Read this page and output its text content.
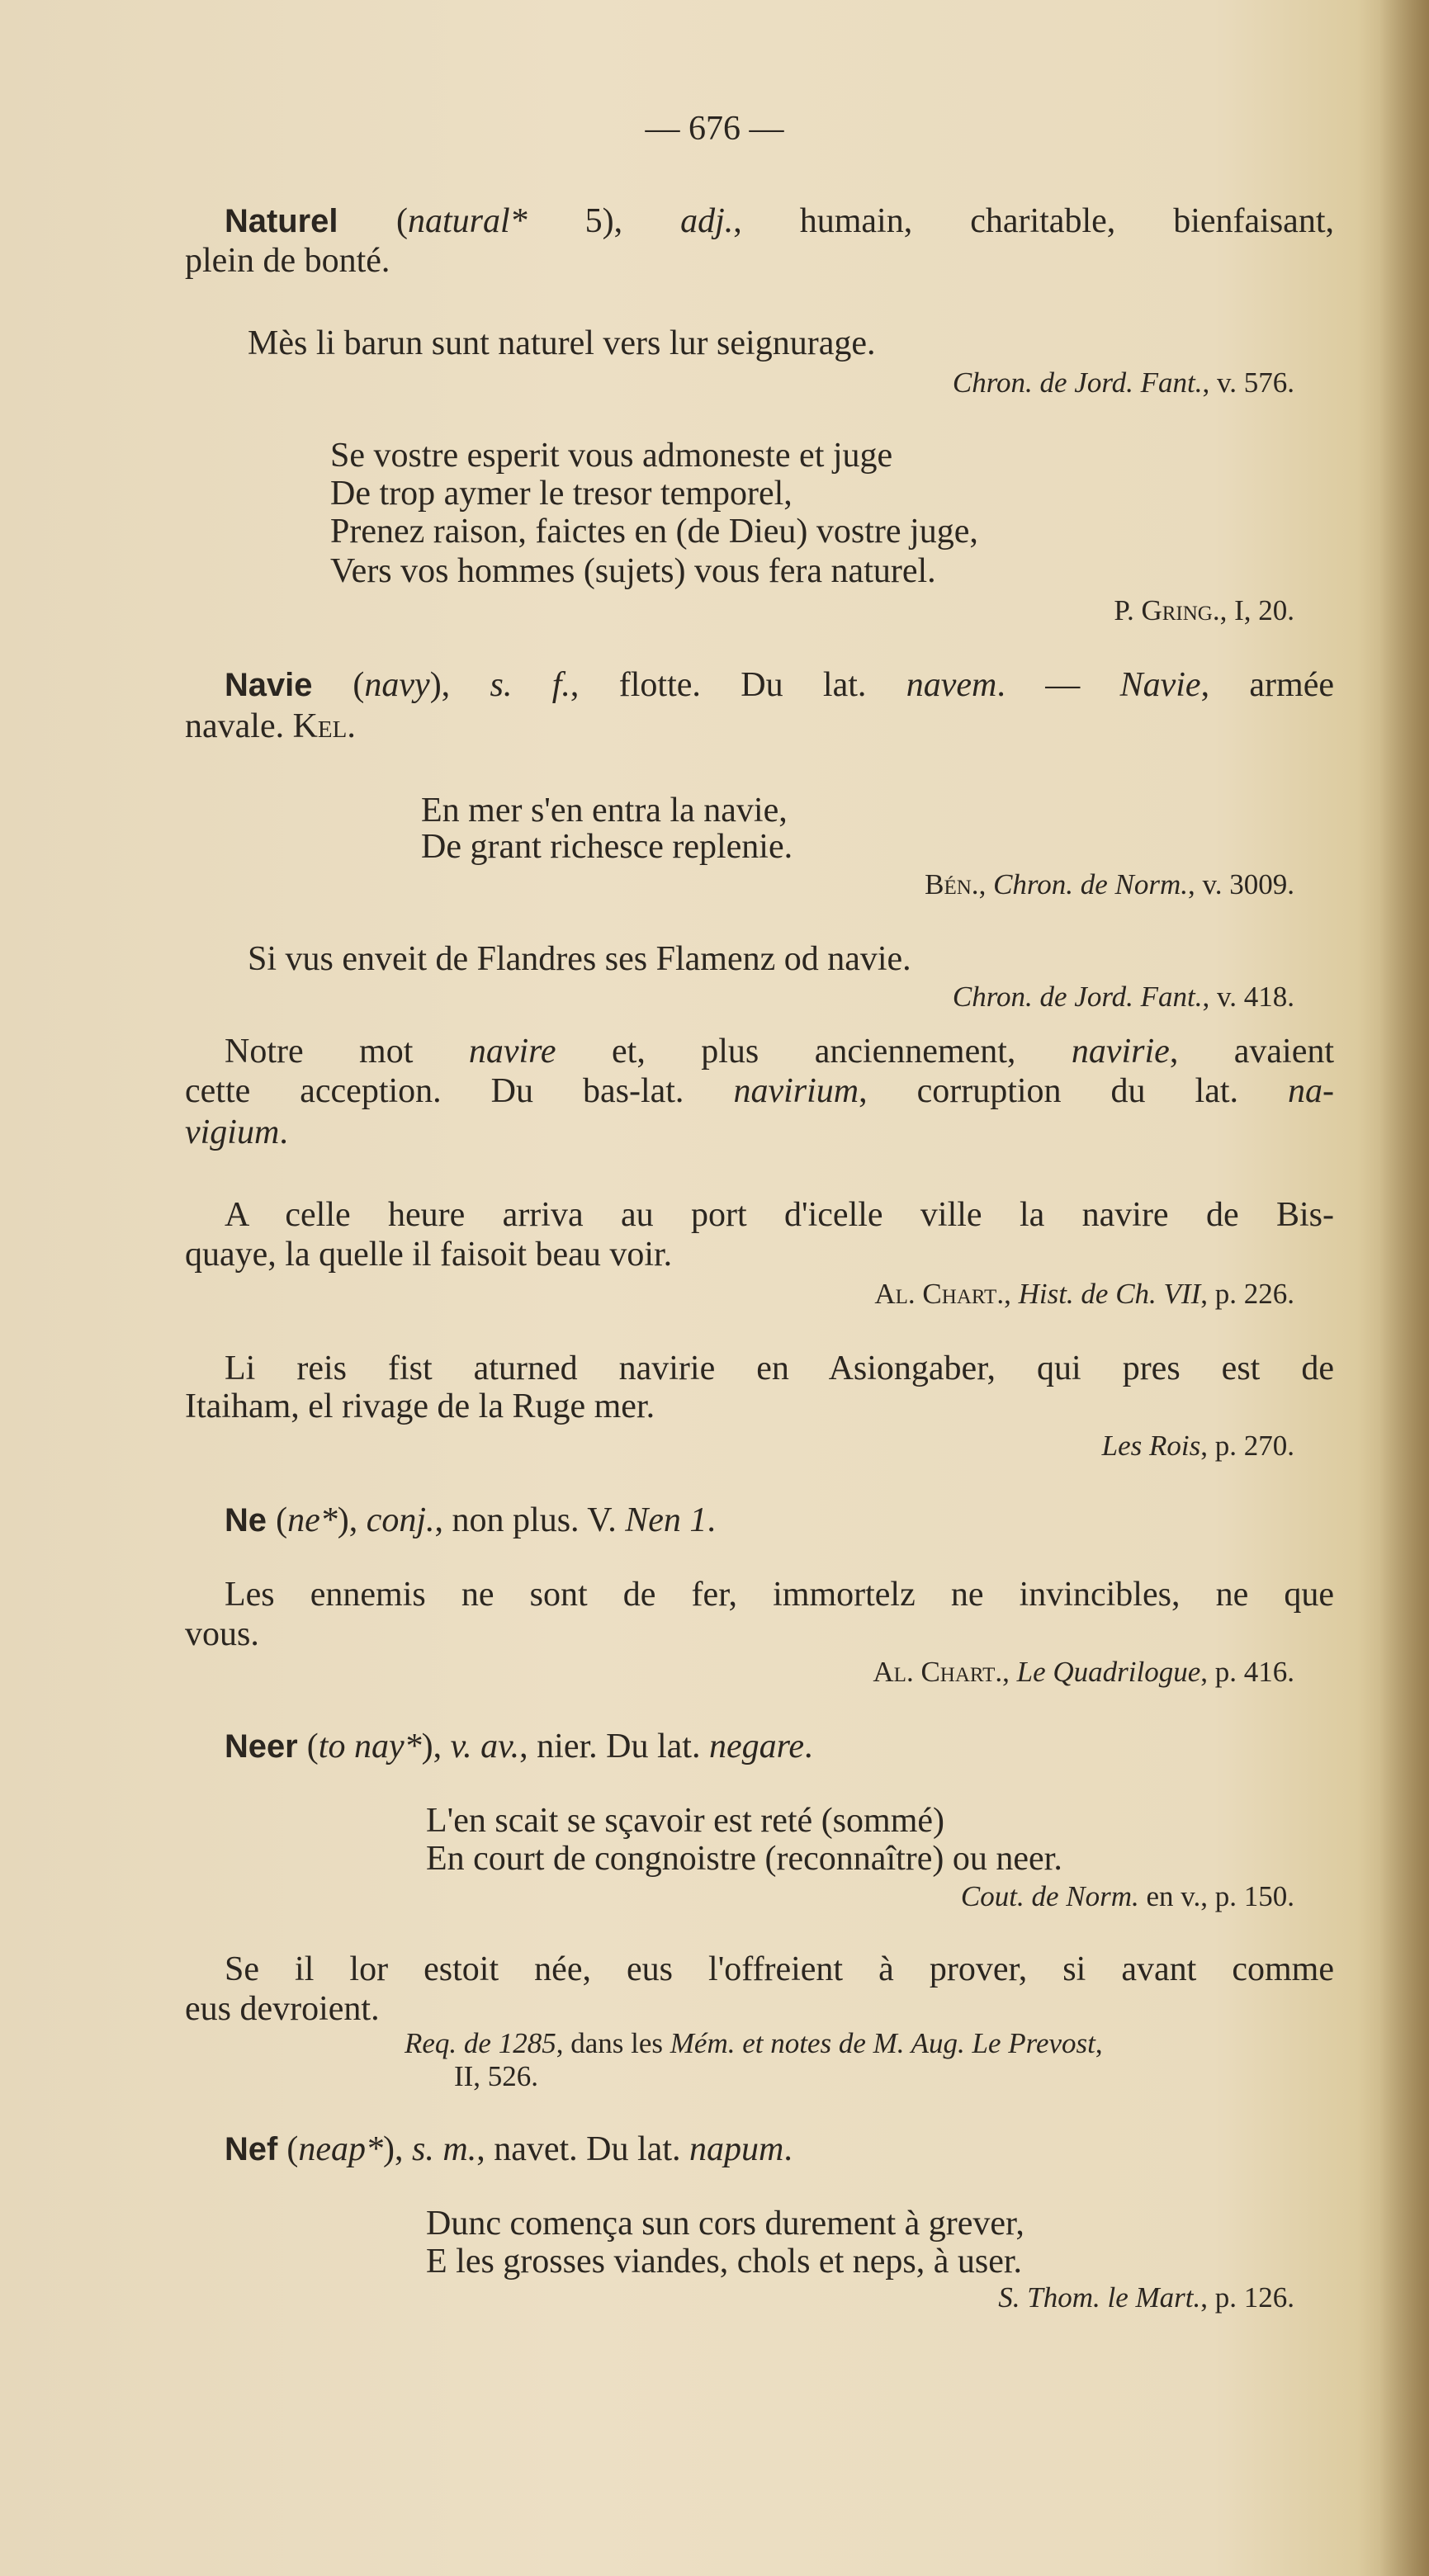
— 676 —
Naturel (natural* 5), adj., humain, charitable, bienfaisant,
plein de bonté.
Mès li barun sunt naturel vers lur seignurage.
Chron. de Jord. Fant., v. 576.
Se vostre esperit vous admoneste et juge
De trop aymer le tresor temporel,
Prenez raison, faictes en (de Dieu) vostre juge,
Vers vos hommes (sujets) vous fera naturel.
P. Gring., I, 20.
Navie (navy), s. f., flotte. Du lat. navem. — Navie, armée
navale. Kel.
En mer s'en entra la navie,
De grant richesce replenie.
Bén., Chron. de Norm., v. 3009.
Si vus enveit de Flandres ses Flamenz od navie.
Chron. de Jord. Fant., v. 418.
Notre mot navire et, plus anciennement, navirie, avaient
cette acception. Du bas-lat. navirium, corruption du lat. na-
vigium.
A celle heure arriva au port d'icelle ville la navire de Bis-
quaye, la quelle il faisoit beau voir.
Al. Chart., Hist. de Ch. VII, p. 226.
Li reis fist aturned navirie en Asiongaber, qui pres est de
Itaiham, el rivage de la Ruge mer.
Les Rois, p. 270.
Ne (ne*), conj., non plus. V. Nen 1.
Les ennemis ne sont de fer, immortelz ne invincibles, ne que
vous.
Al. Chart., Le Quadrilogue, p. 416.
Neer (to nay*), v. av., nier. Du lat. negare.
L'en scait se sçavoir est reté (sommé)
En court de congnoistre (reconnaître) ou neer.
Cout. de Norm. en v., p. 150.
Se il lor estoit née, eus l'offreient à prover, si avant comme
eus devroient.
Req. de 1285, dans les Mém. et notes de M. Aug. Le Prevost,
II, 526.
Nef (neap*), s. m., navet. Du lat. napum.
Dunc comença sun cors durement à grever,
E les grosses viandes, chols et neps, à user.
S. Thom. le Mart., p. 126.
